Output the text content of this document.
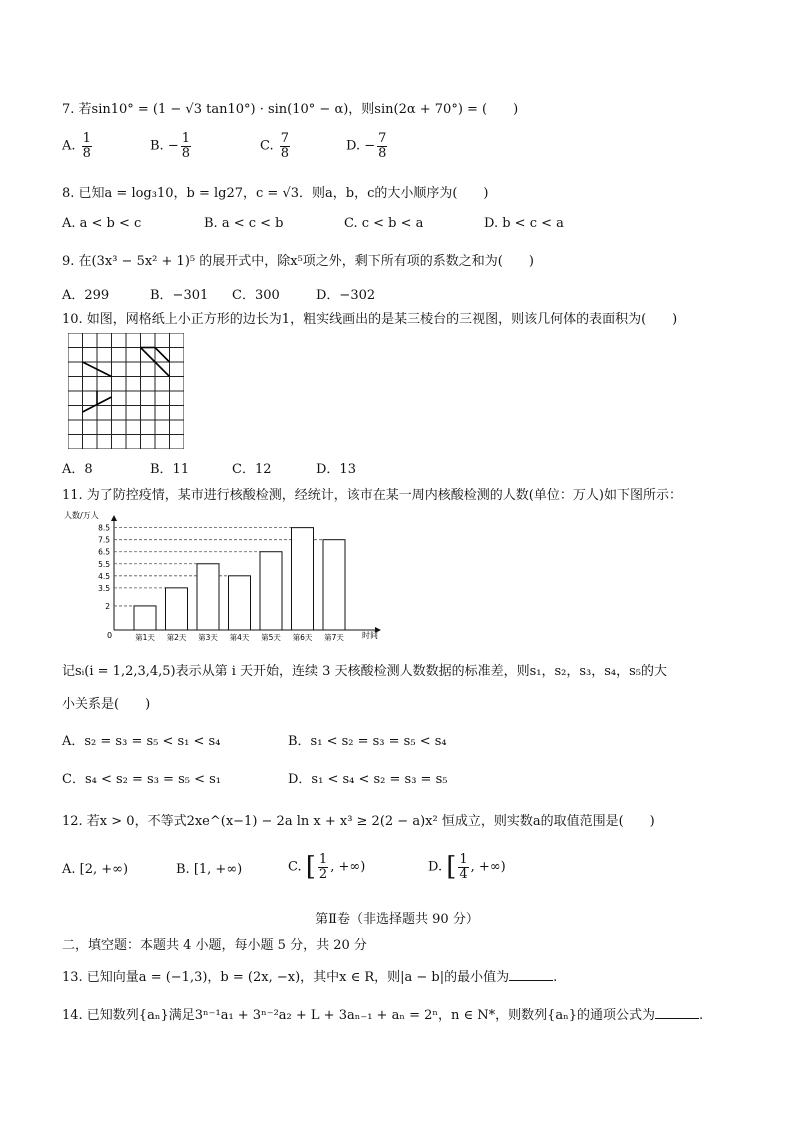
7. 若sin10° = (1 − √3 tan10°) · sin(10° − α)，则sin(2α + 70°) = (　　)
A. $\frac{1}{8}$	B. − $\frac{1}{8}$	C. $\frac{7}{8}$	D. − $\frac{7}{8}$
8. 已知a = log₃10，b = lg27，c = √3．则a，b，c的大小顺序为(　　)
A. a < b < c	B. a < c < b	C. c < b < a	D. b < c < a
9. 在(3x³ − 5x² + 1)⁵ 的展开式中，除x⁵项之外，剩下所有项的系数之和为(　　)
A．299	B．−301 C．300	D．−302
10. 如图，网格纸上小正方形的边长为1，粗实线画出的是某三棱台的三视图，则该几何体的表面积为(　　)
A．8	B．11	C．12	D．13
11. 为了防控疫情，某市进行核酸检测，经统计，该市在某一周内核酸检测的人数(单位：万人)如下图所示：
人数/万人
0	时间
2
3.5
4.5
5.5
6.5
7.5
8.5
第1天 第2天 第3天 第4天 第5天 第6天 第7天
记sᵢ(i = 1,2,3,4,5)表示从第 i 天开始，连续 3 天核酸检测人数数据的标准差，则s₁，s₂，s₃，s₄，s₅的大
小关系是(　　)
A．s₂ = s₃ = s₅ < s₁ < s₄	B．s₁ < s₂ = s₃ = s₅ < s₄
C．s₄ < s₂ = s₃ = s₅ < s₁	D．s₁ < s₄ < s₂ = s₃ = s₅
12. 若x > 0，不等式2xe^(x−1) − 2a ln x + x³ ≥ 2(2 − a)x² 恒成立，则实数a的取值范围是(　　)
A. [2, +∞)	B. [1, +∞)	C. [ $\frac{1}{2}$ , +∞)	D. [ $\frac{1}{4}$ , +∞)
第Ⅱ卷（非选择题共 90 分）
二，填空题：本题共 4 小题，每小题 5 分，共 20 分
13. 已知向量a = (−1,3)，b = (2x, −x)，其中x ∈ R，则|a − b|的最小值为	.
14. 已知数列{aₙ}满足3ⁿ⁻¹a₁ + 3ⁿ⁻²a₂ + L + 3aₙ₋₁ + aₙ = 2ⁿ，n ∈ N*，则数列{aₙ}的通项公式为	.
